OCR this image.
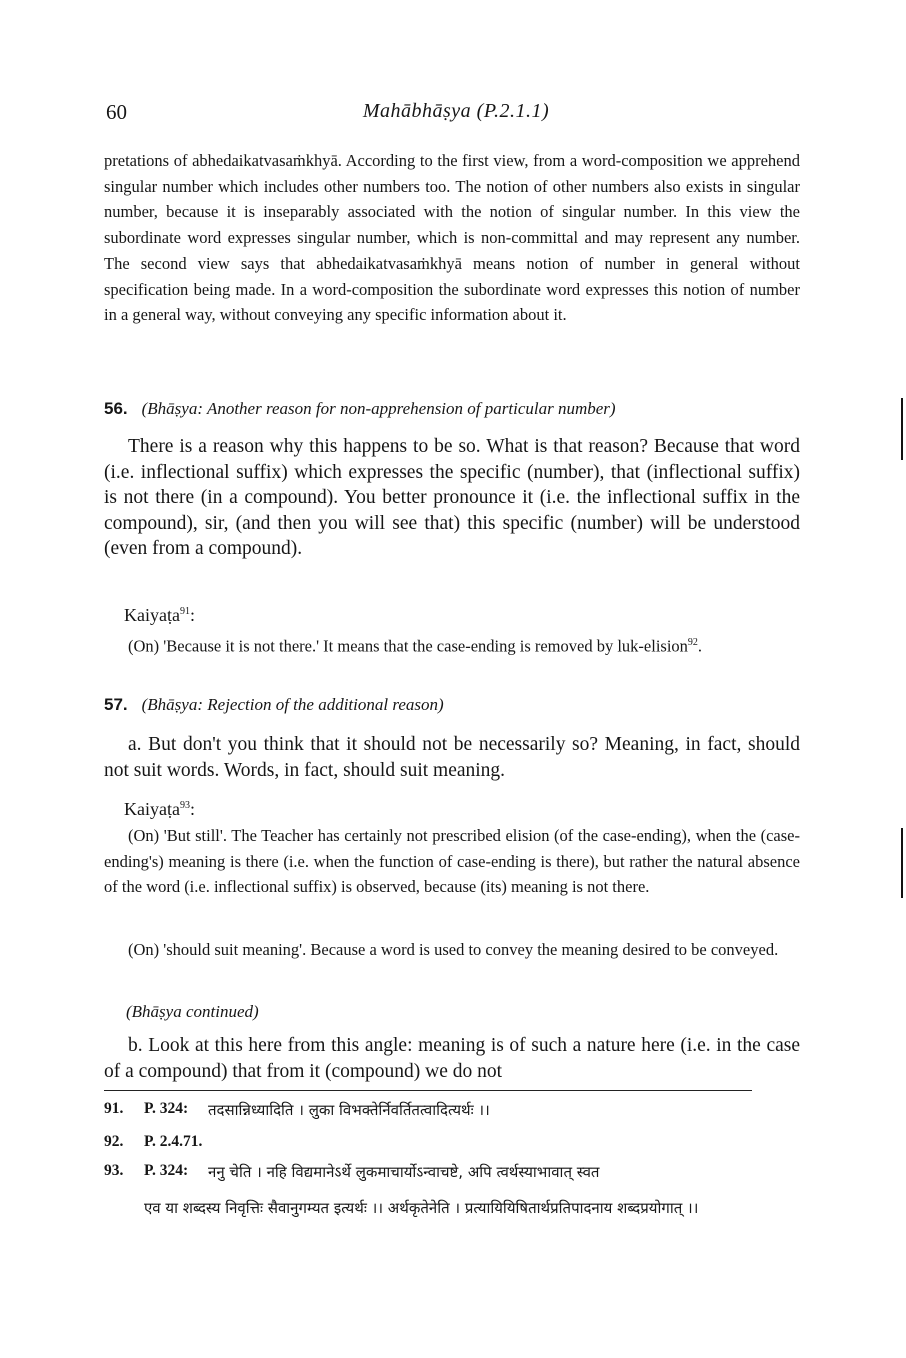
60	Mahābhāṣya (P.2.1.1)

pretations of abhedaikatvasaṁkhyā. According to the first view, from a word-composition we apprehend singular number which includes other numbers too. The notion of other numbers also exists in singular number, because it is inseparably associated with the notion of singular number. In this view the subordinate word expresses singular number, which is non-committal and may represent any number. The second view says that abhedaikatvasaṁkhyā means notion of number in general without specification being made. In a word-composition the subordinate word expresses this notion of number in a general way, without conveying any specific information about it.

56. (Bhāṣya: Another reason for non-apprehension of particular number)

There is a reason why this happens to be so. What is that reason? Because that word (i.e. inflectional suffix) which expresses the specific (number), that (inflectional suffix) is not there (in a compound). You better pronounce it (i.e. the inflectional suffix in the compound), sir, (and then you will see that) this specific (number) will be understood (even from a compound).

Kaiyaṭa$^{91}$:

(On) 'Because it is not there.' It means that the case-ending is removed by luk-elision$^{92}$.

57. (Bhāṣya: Rejection of the additional reason)

a. But don't you think that it should not be necessarily so? Meaning, in fact, should not suit words. Words, in fact, should suit meaning.

Kaiyaṭa$^{93}$:

(On) 'But still'. The Teacher has certainly not prescribed elision (of the case-ending), when the (case-ending's) meaning is there (i.e. when the function of case-ending is there), but rather the natural absence of the word (i.e. inflectional suffix) is observed, because (its) meaning is not there.

(On) 'should suit meaning'. Because a word is used to convey the meaning desired to be conveyed.

(Bhāṣya continued)

b. Look at this here from this angle: meaning is of such a nature here (i.e. in the case of a compound) that from it (compound) we do not

91. P. 324: तदसान्निध्यादिति । लुका विभक्तेर्निवर्तितत्वादित्यर्थः ।।
92. P. 2.4.71.
93. P. 324: ननु चेति । नहि विद्यमानेऽर्थे लुकमाचार्योऽन्वाचष्टे, अपि त्वर्थस्याभावात् स्वत
एव या शब्दस्य निवृत्तिः सैवानुगम्यत इत्यर्थः ।। अर्थकृतेनेति । प्रत्यायियिषितार्थप्रतिपादनाय शब्दप्रयोगात् ।।
